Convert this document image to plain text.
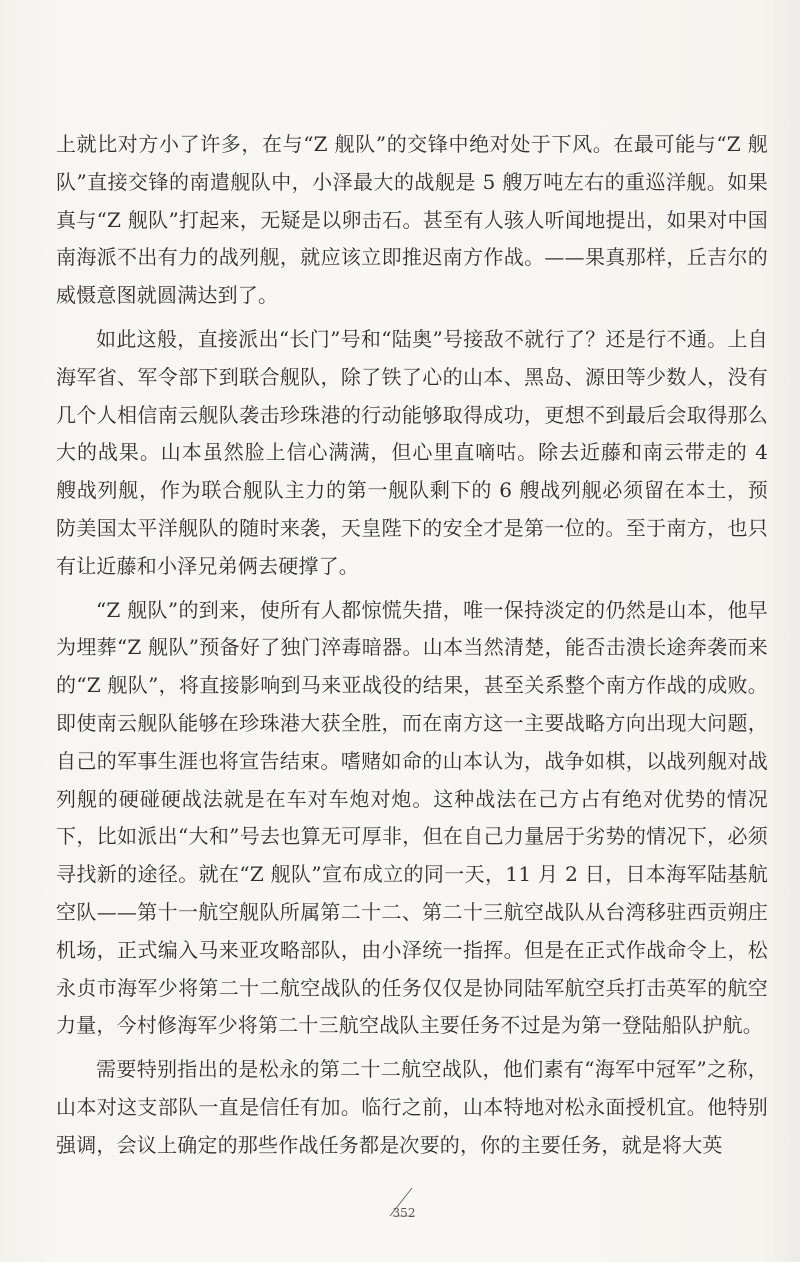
上就比对方小了许多，在与“Z 舰队”的交锋中绝对处于下风。在最可能与“Z 舰队”直接交锋的南遣舰队中，小泽最大的战舰是 5 艘万吨左右的重巡洋舰。如果真与“Z 舰队”打起来，无疑是以卵击石。甚至有人骇人听闻地提出，如果对中国南海派不出有力的战列舰，就应该立即推迟南方作战。——果真那样，丘吉尔的威慑意图就圆满达到了。

如此这般，直接派出“长门”号和“陆奥”号接敌不就行了？还是行不通。上自海军省、军令部下到联合舰队，除了铁了心的山本、黑岛、源田等少数人，没有几个人相信南云舰队袭击珍珠港的行动能够取得成功，更想不到最后会取得那么大的战果。山本虽然脸上信心满满，但心里直嘀咕。除去近藤和南云带走的 4 艘战列舰，作为联合舰队主力的第一舰队剩下的 6 艘战列舰必须留在本土，预防美国太平洋舰队的随时来袭，天皇陛下的安全才是第一位的。至于南方，也只有让近藤和小泽兄弟俩去硬撑了。

“Z 舰队”的到来，使所有人都惊慌失措，唯一保持淡定的仍然是山本，他早为埋葬“Z 舰队”预备好了独门淬毒暗器。山本当然清楚，能否击溃长途奔袭而来的“Z 舰队”，将直接影响到马来亚战役的结果，甚至关系整个南方作战的成败。即使南云舰队能够在珍珠港大获全胜，而在南方这一主要战略方向出现大问题，自己的军事生涯也将宣告结束。嗜赌如命的山本认为，战争如棋，以战列舰对战列舰的硬碰硬战法就是在车对车炮对炮。这种战法在己方占有绝对优势的情况下，比如派出“大和”号去也算无可厚非，但在自己力量居于劣势的情况下，必须寻找新的途径。就在“Z 舰队”宣布成立的同一天，11 月 2 日，日本海军陆基航空队——第十一航空舰队所属第二十二、第二十三航空战队从台湾移驻西贡朔庄机场，正式编入马来亚攻略部队，由小泽统一指挥。但是在正式作战命令上，松永贞市海军少将第二十二航空战队的任务仅仅是协同陆军航空兵打击英军的航空力量，今村修海军少将第二十三航空战队主要任务不过是为第一登陆船队护航。

需要特别指出的是松永的第二十二航空战队，他们素有“海军中冠军”之称，山本对这支部队一直是信任有加。临行之前，山本特地对松永面授机宜。他特别强调，会议上确定的那些作战任务都是次要的，你的主要任务，就是将大英

352
